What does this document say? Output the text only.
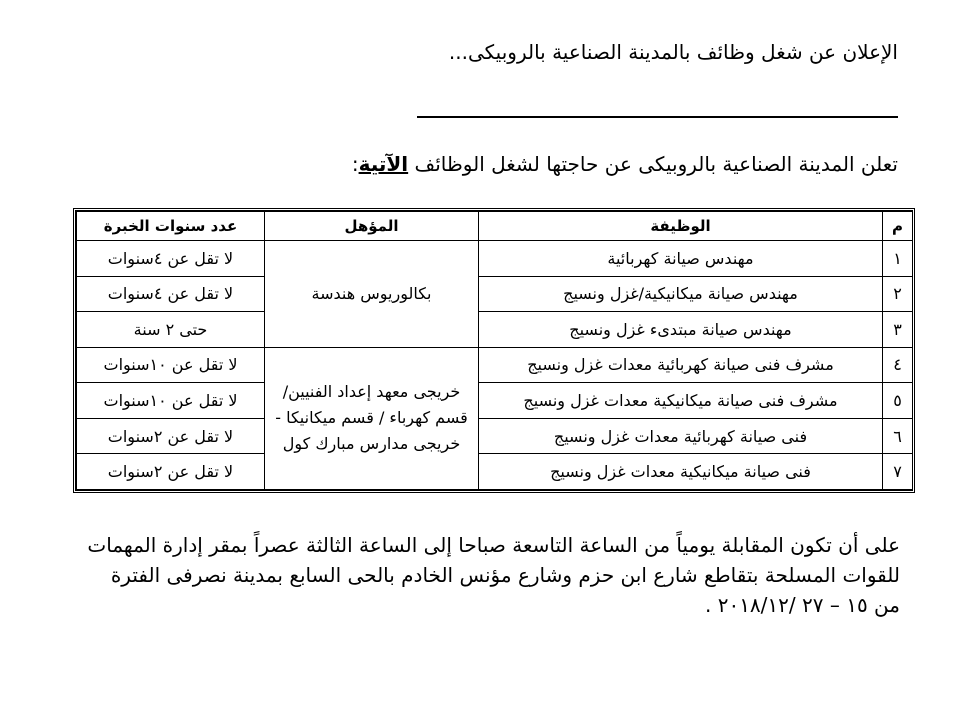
الإعلان عن شغل وظائف بالمدينة الصناعية بالروبيكى...
تعلن المدينة الصناعية بالروبيكى عن حاجتها لشغل الوظائف الآتية:
م	الوظيفة	المؤهل	عدد سنوات الخبرة
١	مهندس صيانة كهربائية	بكالوريوس هندسة	لا تقل عن ٤سنوات
٢	مهندس صيانة ميكانيكية/غزل ونسيج		لا تقل عن ٤سنوات
٣	مهندس صيانة مبتدىء غزل ونسيج		حتى ٢ سنة
٤	مشرف فنى صيانة كهربائية معدات غزل ونسيج	خريجى معهد إعداد الفنيين/ قسم كهرباء / قسم ميكانيكا - خريجى مدارس مبارك كول	لا تقل عن ١٠سنوات
٥	مشرف فنى صيانة ميكانيكية معدات غزل ونسيج		لا تقل عن ١٠سنوات
٦	فنى صيانة كهربائية معدات غزل ونسيج		لا تقل عن ٢سنوات
٧	فنى صيانة ميكانيكية معدات غزل ونسيج		لا تقل عن ٢سنوات
على أن تكون المقابلة يومياً من الساعة التاسعة صباحا إلى الساعة الثالثة عصراً بمقر إدارة المهمات للقوات المسلحة بتقاطع شارع ابن حزم وشارع مؤنس الخادم بالحى السابع بمدينة نصرفى الفترة من ١٥ – ٢٧ /٢٠١٨/١٢ .
